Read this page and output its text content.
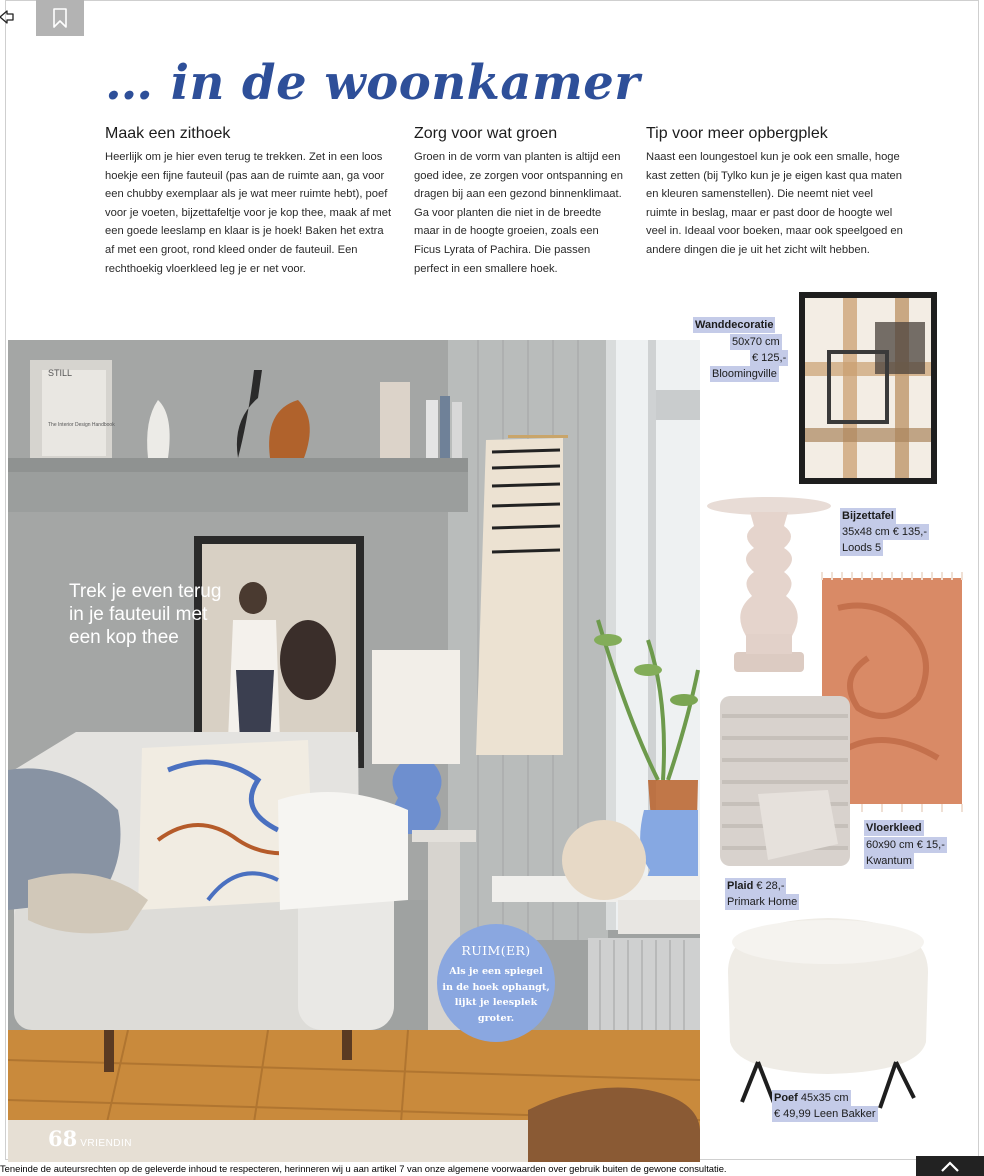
… in de woonkamer
Maak een zithoek

Heerlijk om je hier even terug te trekken. Zet in een loos hoekje een fijne fauteuil (pas aan de ruimte aan, ga voor een chubby exemplaar als je wat meer ruimte hebt), poef voor je voeten, bijzettafeltje voor je kop thee, maak af met een goede leeslamp en klaar is je hoek! Baken het extra af met een groot, rond kleed onder de fauteuil. Een rechthoekig vloerkleed leg je er net voor.

Zorg voor wat groen

Groen in de vorm van planten is altijd een goed idee, ze zorgen voor ontspanning en dragen bij aan een gezond binnenklimaat. Ga voor planten die niet in de breedte maar in de hoogte groeien, zoals een Ficus Lyrata of Pachira. Die passen perfect in een smallere hoek.

Tip voor meer opbergplek

Naast een loungestoel kun je ook een smalle, hoge kast zetten (bij Tylko kun je je eigen kast qua maten en kleuren samenstellen). Die neemt niet veel ruimte in beslag, maar er past door de hoogte wel veel in. Ideaal voor boeken, maar ook speelgoed en andere dingen die je uit het zicht wilt hebben.

STILL
The Interior Design Handbook
Trek je even terug
in je fauteuil met
een kop thee
RUIM(ER)
Als je een spiegel
in de hoek ophangt,
lijkt je leesplek
groter.
68 VRIENDIN
Wanddecoratie
50x70 cm
€ 125,-
Bloomingville
Bijzettafel
35x48 cm € 135,-
Loods 5
Vloerkleed
60x90 cm € 15,-
Kwantum
Plaid € 28,-
Primark Home
Poef 45x35 cm
€ 49,99 Leen Bakker
Teneinde de auteursrechten op de geleverde inhoud te respecteren, herinneren wij u aan artikel 7 van onze algemene voorwaarden over gebruik buiten de gewone consultatie.
